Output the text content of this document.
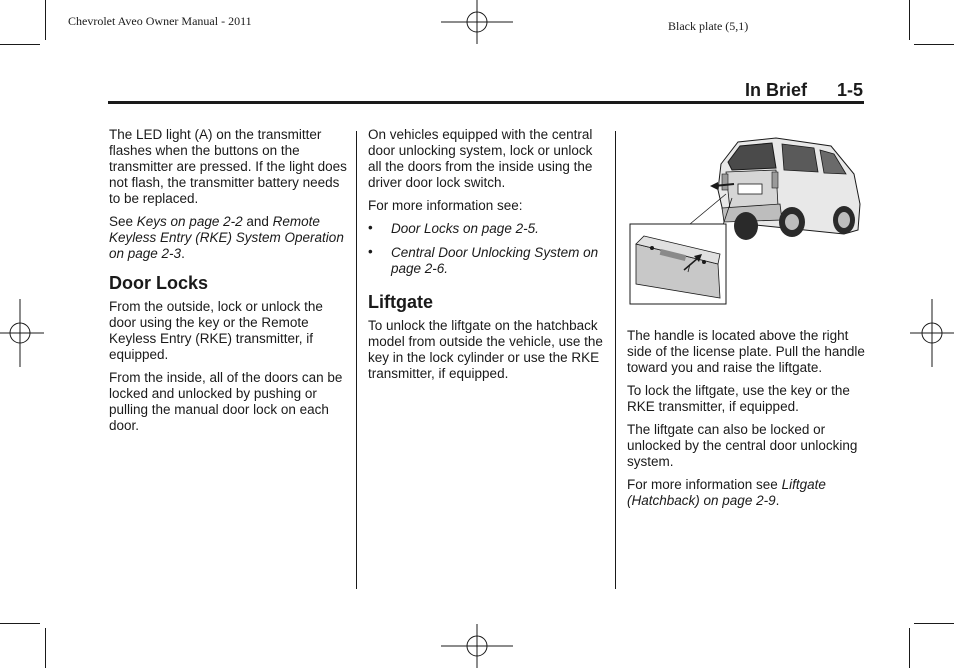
Chevrolet Aveo Owner Manual - 2011	Black plate (5,1)
In Brief 1-5

The LED light (A) on the transmitter flashes when the buttons on the transmitter are pressed. If the light does not flash, the transmitter battery needs to be replaced.

See Keys on page 2-2 and Remote Keyless Entry (RKE) System Operation on page 2-3.

Door Locks

From the outside, lock or unlock the door using the key or the Remote Keyless Entry (RKE) transmitter, if equipped.

From the inside, all of the doors can be locked and unlocked by pushing or pulling the manual door lock on each door.

On vehicles equipped with the central door unlocking system, lock or unlock all the doors from the inside using the driver door lock switch.

For more information see:

• Door Locks on page 2-5.
• Central Door Unlocking System on page 2-6.
Liftgate

To unlock the liftgate on the hatchback model from outside the vehicle, use the key in the lock cylinder or use the RKE transmitter, if equipped.

The handle is located above the right side of the license plate. Pull the handle toward you and raise the liftgate.

To lock the liftgate, use the key or the RKE transmitter, if equipped.

The liftgate can also be locked or unlocked by the central door unlocking system.

For more information see Liftgate (Hatchback) on page 2-9.
